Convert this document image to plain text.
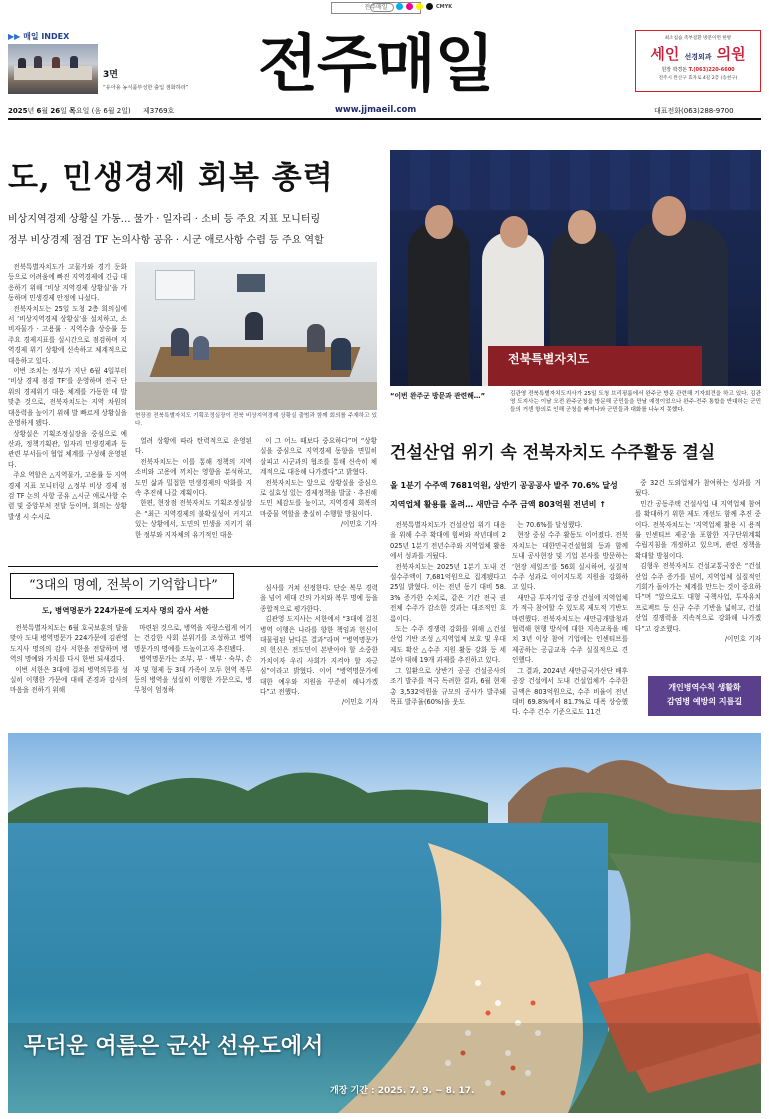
전주매일	CMYK
▶▶ 매일 INDEX
3면
“유아용 농식품부성한 출입 점화하라” 전주매일	최소침습 족부질환 방문이면 한방
세인 선경외과 의원
원장 곽경돈 T.(063)220-6600
전주시 완산구 효자로 4길 2층 (송천구)
2025년 6월 26일 목요일 (음 6월 2일) 제3769호	www.jjmaeil.com	대표전화(063)288-9700
도, 민생경제 회복 총력
비상지역경제 상황실 가동… 물가 · 일자리 · 소비 등 주요 지표 모니터링
정부 비상경제 점검 TF 논의사항 공유 · 시군 애로사항 수렴 등 주요 역할

전북특별자치도가 고물가와 경기 둔화 등으로 어려움에 빠진 지역경제에 긴급 대응하기 위해 ‘비상 지역경제 상황실’을 가동하며 민생경제 안정에 나섰다.

전북자치도는 25일 도청 2층 회의실에서 ‘비상지역경제 상황실’을 설치하고, 소비자물가 · 고용률 · 지역수출 상승률 등 주요 경제지표를 실시간으로 점검하며 지역경제 위기 상황에 신속하고 체계적으로 대응하고 있다.

이번 조치는 정부가 지난 6월 4일부터 ‘비상 경제 점검 TF’를 운영하며 전국 단위의 경제위기 대응 체계를 가동한 데 발맞춘 것으로, 전북자치도는 지역 차원의 대응력을 높이기 위해 발 빠르게 상황실을 운영하게 됐다.

상황실은 기획조정실장을 중심으로 예산과, 정책기획관, 일자리 민생경제과 등 관련 부서들이 협업 체계를 구성해 운영된다.

주요 역할은 △지역물가, 고용률 등 지역경제 지표 모니터링 △정부 비상 경제 점검 TF 논의 사항 공유 △시군 애로사항 수렴 및 중앙부처 전달 등이며, 회의는 상황 발생 시 수시로

현장점 전북특별자치도 기획조정실장이 전북 비상지역경제 상황실 출범과 함께 회의를 주재하고 있다.

열려 상황에 따라 탄력적으로 운영된다.

전북자치도는 이를 통해 정책의 지역 소비와 고용에 끼치는 영향을 분석하고, 도민 삶과 밀접한 민생경제의 악화를 지속 추진해 나갈 계획이다.

한편, 현장점 전북자치도 기획조정실장은 “최근 지역경제의 불확실성이 커지고 있는 상황에서, 도민의 민생을 지키기 위한 정부와 지자체의 유기적인 대응

이 그 어느 때보다 중요하다”며 “상황실을 중심으로 지역경제 동향을 면밀히 살피고 시군과의 협조를 통해 신속히 체계적으로 대응해 나가겠다”고 밝혔다.

전북자치도는 앞으로 상황실을 중심으로 실효성 있는 경제정책을 발굴 · 추진해 도민 체감도를 높이고, 지역경제 회복의 마중물 역할을 충실히 수행할 방침이다.

/이민호 기자
전북특별자치도
“이번 완주군 방문과 관련해…”	김관영 전북특별자치도지사가 25일 도청 브리핑룸에서 완주군 방문 관련해 기자회견을 하고 있다. 김관영 도지사는 이날 오전 완주군청을 방문해 군민들을 만날 예정이었으나 완주-전주 통합을 반대하는 군민들의 거센 항의로 인해 군청을 빠져나와 군민들과 대화를 나누지 못했다.
건설산업 위기 속 전북자치도 수주활동 결실
올 1분기 수주액 7681억원, 상반기 공공공사 발주 70.6% 달성
지역업체 활용률 올려… 새만금 수주 금액 803억원 전년비 ↑

전북특별자치도가 건설산업 위기 대응을 위해 수주 확대에 힘써와 작년대비 2025년 1분기 전년수주와 지역업체 활용에서 성과를 거뒀다.

전북자치도는 2025년 1분기 도내 건설수주액이 7,681억원으로 집계됐다고 25일 밝혔다. 이는 전년 동기 대비 58.3% 증가한 수치로, 같은 기간 전국 권 전체 수주가 감소한 것과는 대조적인 흐름이다.

도는 수주 경쟁력 강화를 위해 △건설산업 기반 조성 △지역업체 보호 및 우대제도 확산 △수주 지원 활동 강화 등 세 분야 대해 19개 과제를 추진하고 있다.

그 일환으로 상반기 공공 건설공사의 조기 발주를 적극 독려한 결과, 6월 현재 총 3,532억원을 규모의 공사가 발주돼 목표 발주율(60%)을 웃도

는 70.6%를 달성했다.

현장 중심 수주 활동도 이어졌다. 전북자치도는 대한민국건설협회 등과 함께 도내 공사현장 및 기업 본사를 방문하는 ‘현장 세일즈’를 56회 실시하여, 실질적 수주 성과로 이어지도록 지원을 강화하고 있다.

새만금 투자기업 공장 건설에 지역업체가 적극 참여할 수 있도록 제도적 기반도 마련했다. 전북자치도는 새만금개발청과 협력해 현행 방식에 대한 지속교육을 배치 3년 이상 참여 기업에는 인센티브를 제공하는 공급교육 수주 실질적으로 견인했다.

그 결과, 2024년 새만금국가산단 배후공장 건설에서 도내 건설업체가 수주한 금액은 803억원으로, 수주 비율이 전년 대비 69.8%에서 81.7%로 대폭 상승했다. 수주 건수 기준으로도 11건

중 32건 도외업체가 참여하는 성과를 거뒀다.

민간 공동주택 건설사업 내 지역업체 참여를 확대하기 위한 제도 개선도 함께 추진 중이다. 전북자치도는 ‘지역업체 활용 시 용적률 인센티브 제공’을 포함한 지구단위계획 수립지침을 개정하고 있으며, 관련 정책을 확대할 방침이다.

김형우 전북자치도 건설교통국장은 “건설산업 수주 증가를 넘어, 지역업체 실질적인 기회가 돌아가는 체계를 만드는 것이 중요하다”며 “앞으로도 대형 국책사업, 투자유치 프로젝트 등 신규 수주 기반을 넓히고, 건설산업 경쟁력을 지속적으로 강화해 나가겠다”고 강조했다.

/이민호 기자
개인병역수칙 생활화
감염병 예방의 지름길
“3대의 명예, 전북이 기억합니다”
도, 병역명문가 224가문에 도지사 명의 감사 서한

전북특별자치도는 6월 호국보훈의 달을 맞아 도내 병역명문가 224가문에 김관영 도지사 명의의 감사 서한을 전달하며 병역의 명예와 가치를 다시 한번 되새겼다.

이번 서한은 3대에 걸쳐 병역의무를 성실히 이행한 가문에 대해 존경과 감사의 마음을 전하기 위해

마련된 것으로, 병역을 자랑스럽게 여기는 건강한 사회 분위기를 조성하고 병역명문가의 명예를 드높이고자 추진됐다.

병역명문가는 조부, 부 · 백부 · 숙부, 손자 및 형제 등 3대 가족이 모두 현역 복무 등의 병역을 성실히 이행한 가문으로, 병무청이 엄정하

심사를 거쳐 선정한다. 단순 복무 경력을 넘어 세대 간의 가치와 복무 명예 등을 종합적으로 평가한다.

김관영 도지사는 서한에서 “3대에 걸친 병역 이행은 나라를 향한 책임과 헌신이 대물림된 남다른 결과”라며 “병역명문가의 헌신은 전도민이 본받아야 할 소중한 가치이자 우리 사회가 지켜야 할 자긍심”이라고 밝혔다. 이어 “병역명문가에 대한 예우와 지원을 꾸준히 해나가겠다”고 전했다.

/이민호 기자
무더운 여름은 군산 선유도에서
개장 기간 : 2025. 7. 9. ~ 8. 17.
